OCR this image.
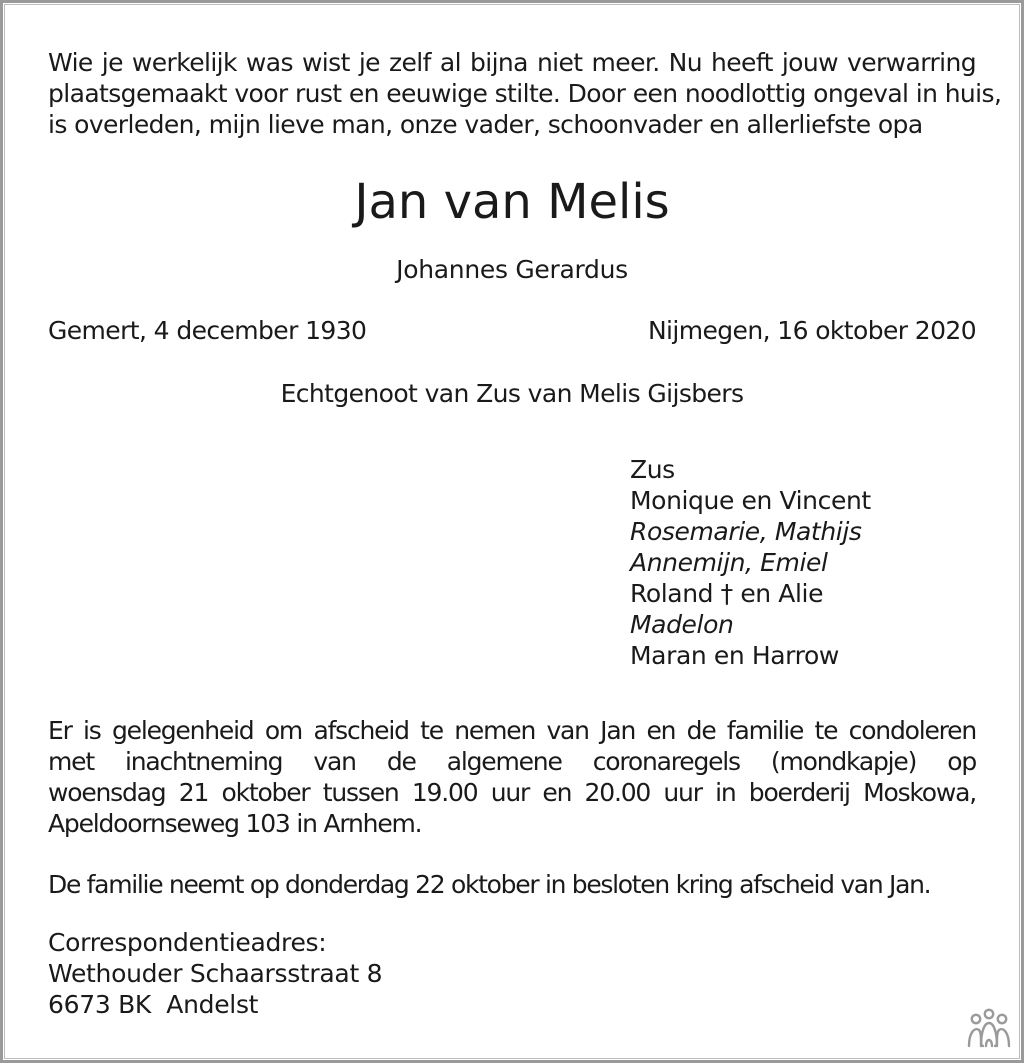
Wie je werkelijk was wist je zelf al bijna niet meer. Nu heeft jouw verwarring
plaatsgemaakt voor rust en eeuwige stilte. Door een noodlottig ongeval in huis,
is overleden, mijn lieve man, onze vader, schoonvader en allerliefste opa
Jan van Melis
Johannes Gerardus
Gemert, 4 december 1930	Nijmegen, 16 oktober 2020
Echtgenoot van Zus van Melis Gijsbers
Zus
Monique en Vincent
Rosemarie, Mathijs
Annemijn, Emiel
Roland † en Alie
Madelon
Maran en Harrow
Er is gelegenheid om afscheid te nemen van Jan en de familie te condoleren
met inachtneming van de algemene coronaregels (mondkapje) op
woensdag 21 oktober tussen 19.00 uur en 20.00 uur in boerderij Moskowa,
Apeldoornseweg 103 in Arnhem.
De familie neemt op donderdag 22 oktober in besloten kring afscheid van Jan.
Correspondentieadres:
Wethouder Schaarsstraat 8
6673 BK  Andelst
